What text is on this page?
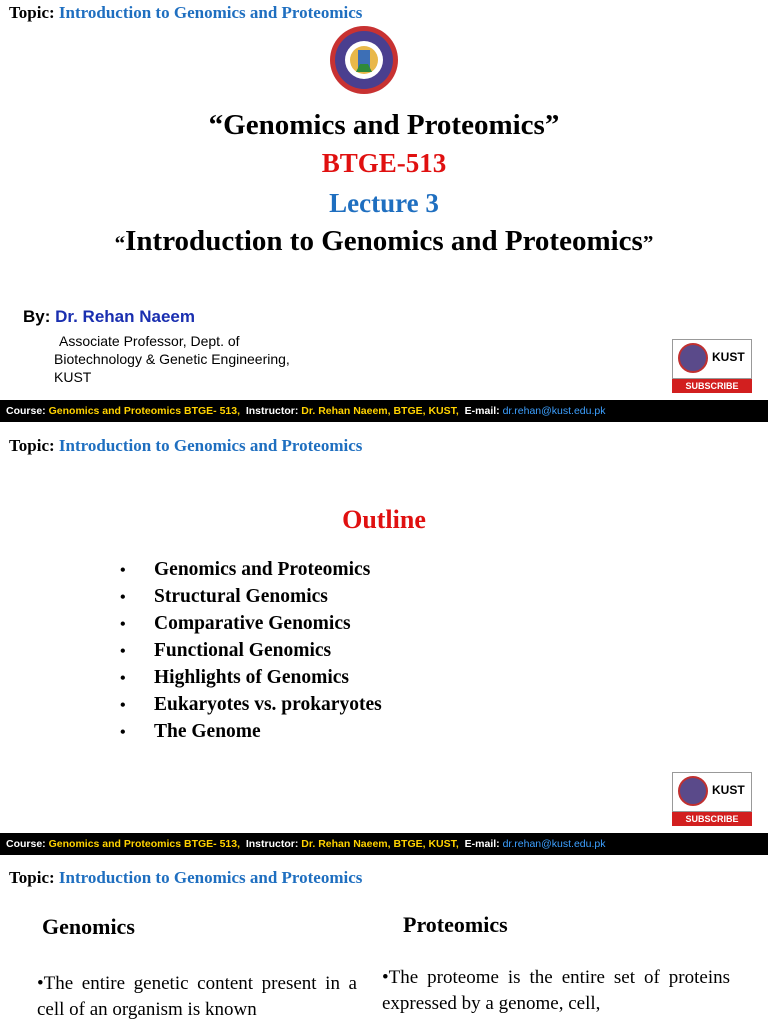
Topic: Introduction to Genomics and Proteomics
“Genomics and Proteomics”
BTGE-513
Lecture 3
“Introduction to Genomics and Proteomics”
By: Dr. Rehan Naeem
Associate Professor, Dept. of
Biotechnology & Genetic Engineering,
KUST
KUST
SUBSCRIBE
Course: Genomics and Proteomics BTGE- 513, Instructor: Dr. Rehan Naeem, BTGE, KUST, E-mail: dr.rehan@kust.edu.pk
Topic: Introduction to Genomics and Proteomics
Outline
KUST
SUBSCRIBE
• Genomics and Proteomics
• Structural Genomics
• Comparative Genomics
• Functional Genomics
• Highlights of Genomics
• Eukaryotes vs. prokaryotes
• The Genome
Course: Genomics and Proteomics BTGE- 513, Instructor: Dr. Rehan Naeem, BTGE, KUST, E-mail: dr.rehan@kust.edu.pk
Topic: Introduction to Genomics and Proteomics
Genomics	Proteomics
•The entire genetic content present in a cell of an organism is known
•The proteome is the entire set of proteins expressed by a genome, cell,
